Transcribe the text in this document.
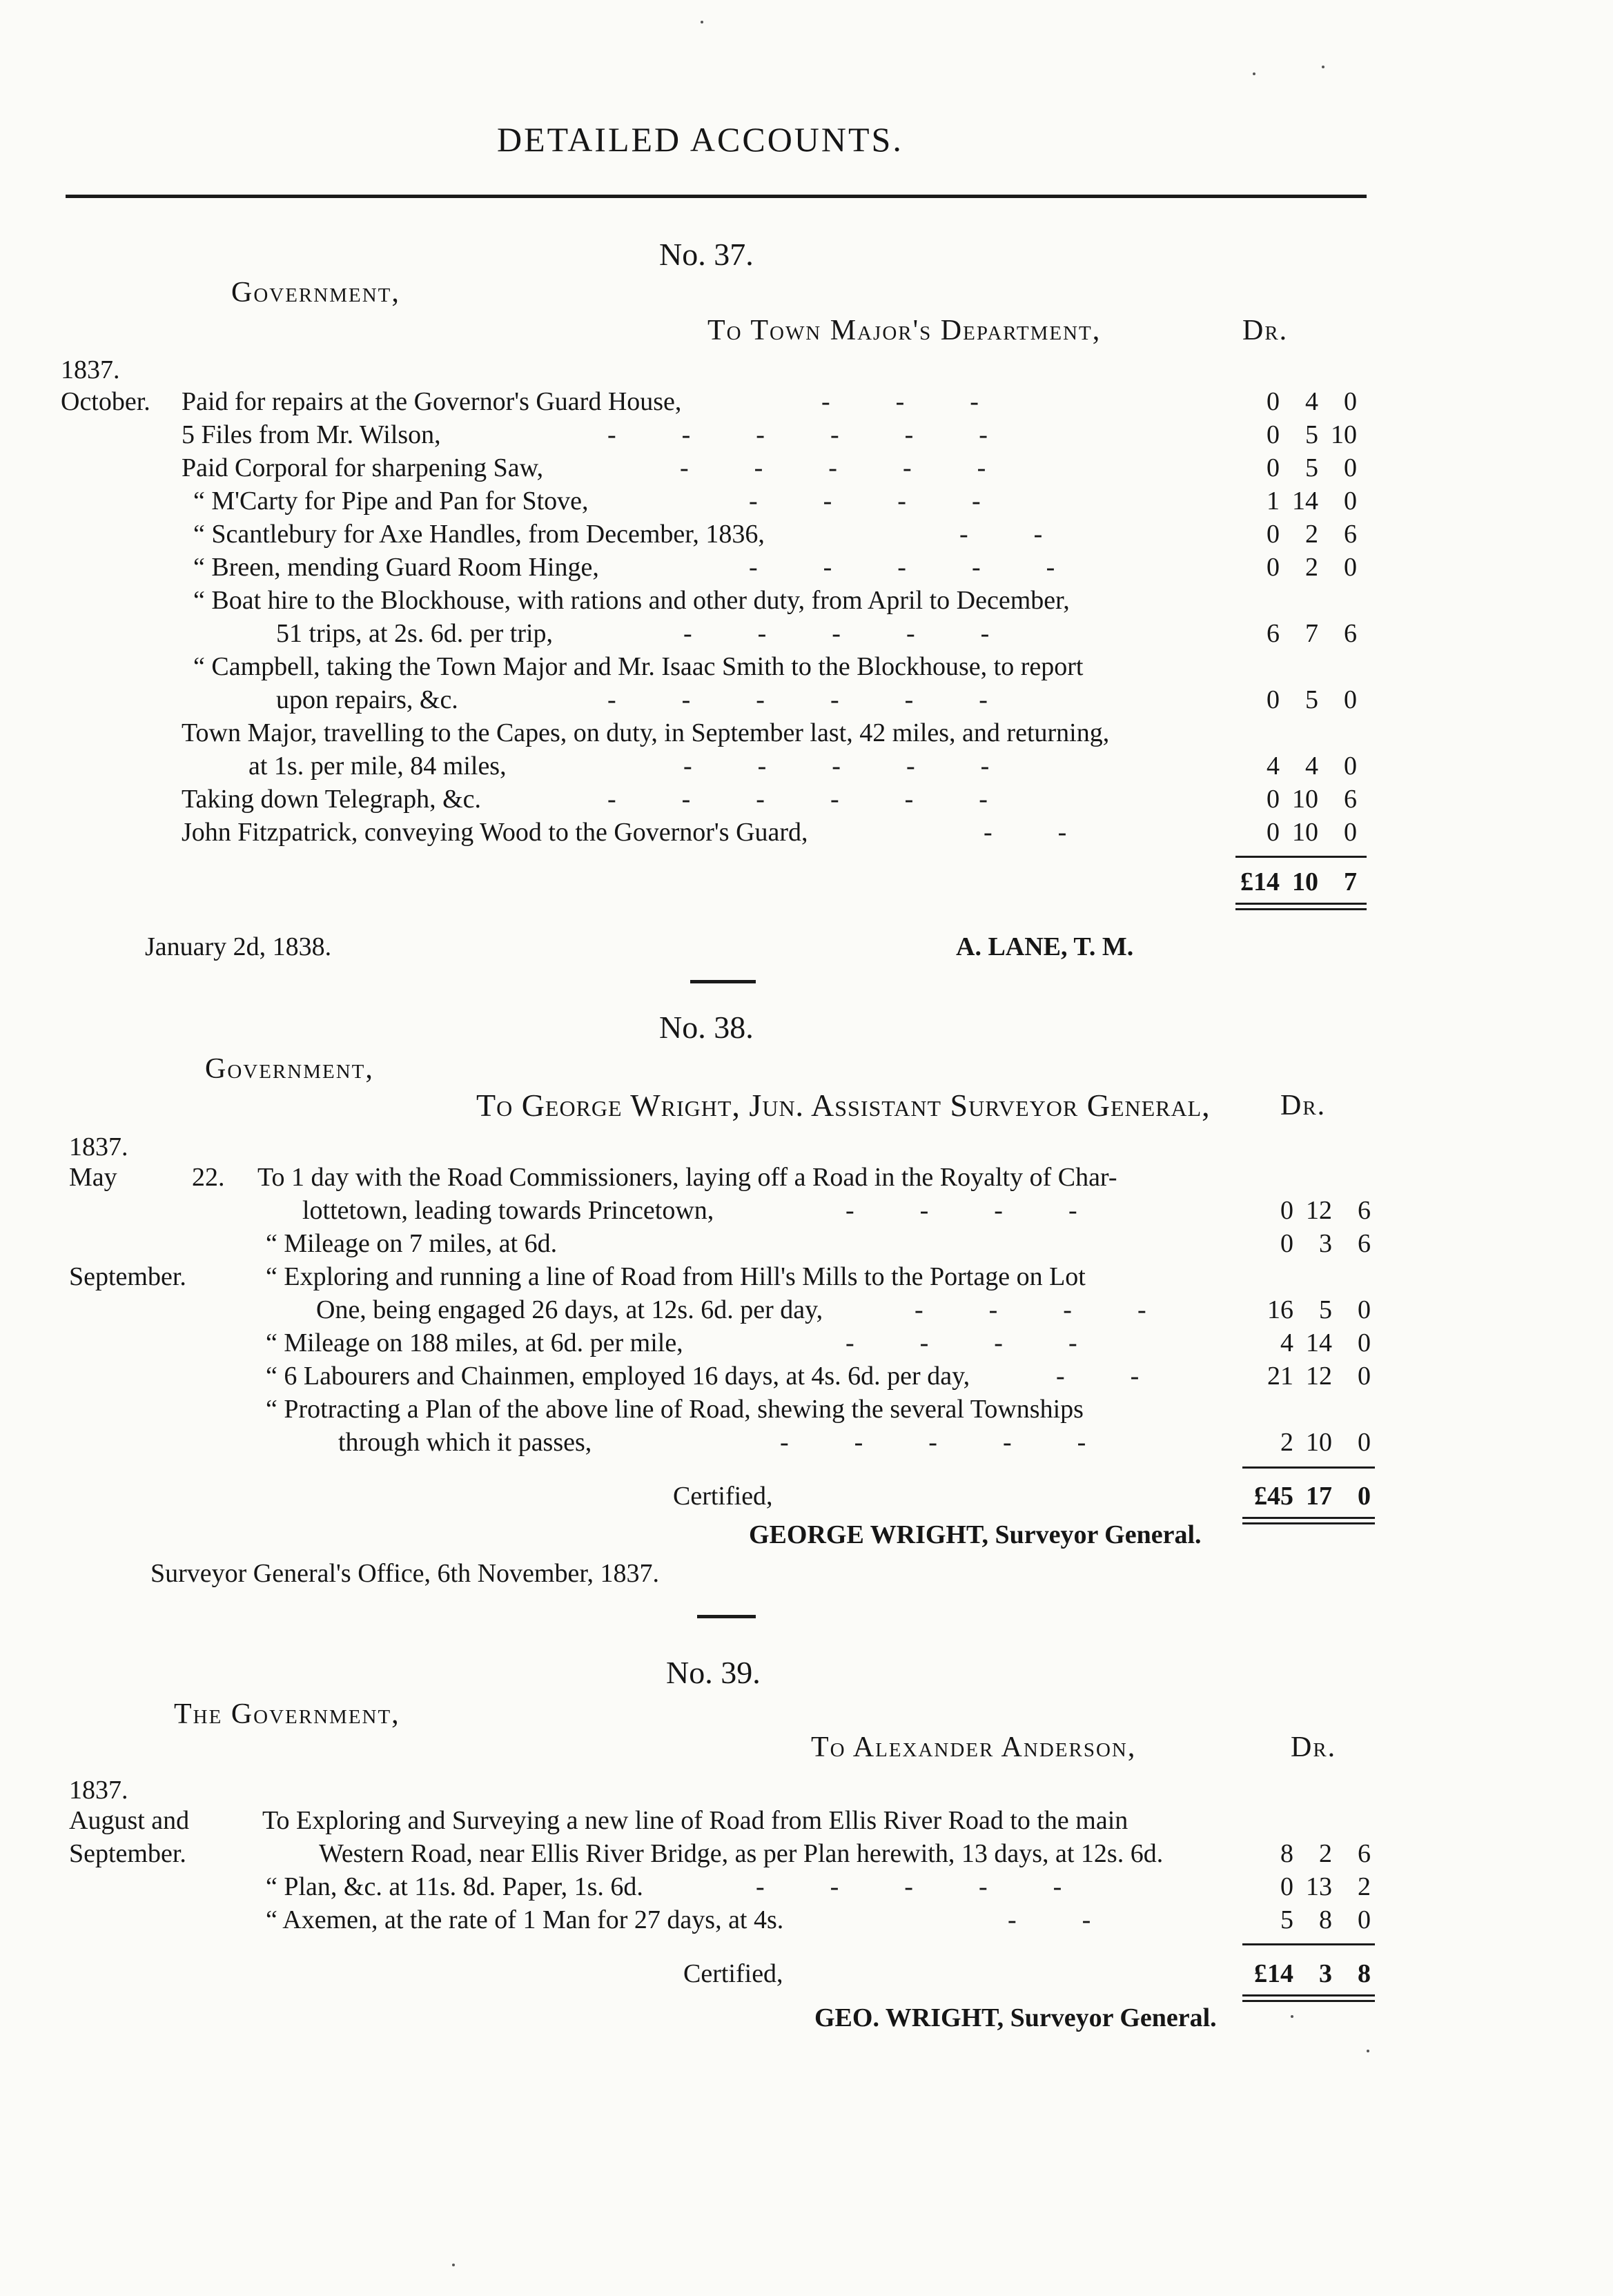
DETAILED ACCOUNTS.
No. 37.
Government,
To Town Major's Department,	Dr.
1837.
October. Paid for repairs at the Governor's Guard House,	-          -          -	0 4 0
5 Files from Mr. Wilson,	-          -          -          -          -          -	0 5 10
Paid Corporal for sharpening Saw,	-          -          -          -          -	0 5 0
“ M'Carty for Pipe and Pan for Stove,	-          -          -          -	1 14 0
“ Scantlebury for Axe Handles, from December, 1836,	-          -	0 2 6
“ Breen, mending Guard Room Hinge,	-          -          -          -          -	0 2 0
“ Boat hire to the Blockhouse, with rations and other duty, from April to December,
51 trips, at 2s. 6d. per trip,	-          -          -          -          -	6 7 6
“ Campbell, taking the Town Major and Mr. Isaac Smith to the Blockhouse, to report
upon repairs, &c.	-          -          -          -          -          -	0 5 0
Town Major, travelling to the Capes, on duty, in September last, 42 miles, and returning,
at 1s. per mile, 84 miles,	-          -          -          -          -	4 4 0
Taking down Telegraph, &c.	-          -          -          -          -          -	0 10 6
John Fitzpatrick, conveying Wood to the Governor's Guard,	-          -	0 10 0
£14 10 7
January 2d, 1838.	A. LANE, T. M.
No. 38.
Government,
To George Wright, Jun. Assistant Surveyor General, Dr.
1837.
May	22. To 1 day with the Road Commissioners, laying off a Road in the Royalty of Char-
lottetown, leading towards Princetown,	-          -          -          -	0 12 6
“ Mileage on 7 miles, at 6d.	0 3 6
September.	“ Exploring and running a line of Road from Hill's Mills to the Portage on Lot
One, being engaged 26 days, at 12s. 6d. per day,	-          -          -          -	16 5 0
“ Mileage on 188 miles, at 6d. per mile,	-          -          -          -	4 14 0
“ 6 Labourers and Chainmen, employed 16 days, at 4s. 6d. per day,	-          -	21 12 0
“ Protracting a Plan of the above line of Road, shewing the several Townships
through which it passes,	-          -          -          -          -	2 10 0
Certified,	£45 17 0
GEORGE WRIGHT, Surveyor General.
Surveyor General's Office, 6th November, 1837.
No. 39.
The Government,
To Alexander Anderson,	Dr.
1837.
August and
September.
To Exploring and Surveying a new line of Road from Ellis River Road to the main
Western Road, near Ellis River Bridge, as per Plan herewith, 13 days, at 12s. 6d.	8 2 6
“ Plan, &c. at 11s. 8d. Paper, 1s. 6d.	-          -          -          -          -	0 13 2
“ Axemen, at the rate of 1 Man for 27 days, at 4s.	-          -	5 8 0
Certified,	£14 3 8
GEO. WRIGHT, Surveyor General.
